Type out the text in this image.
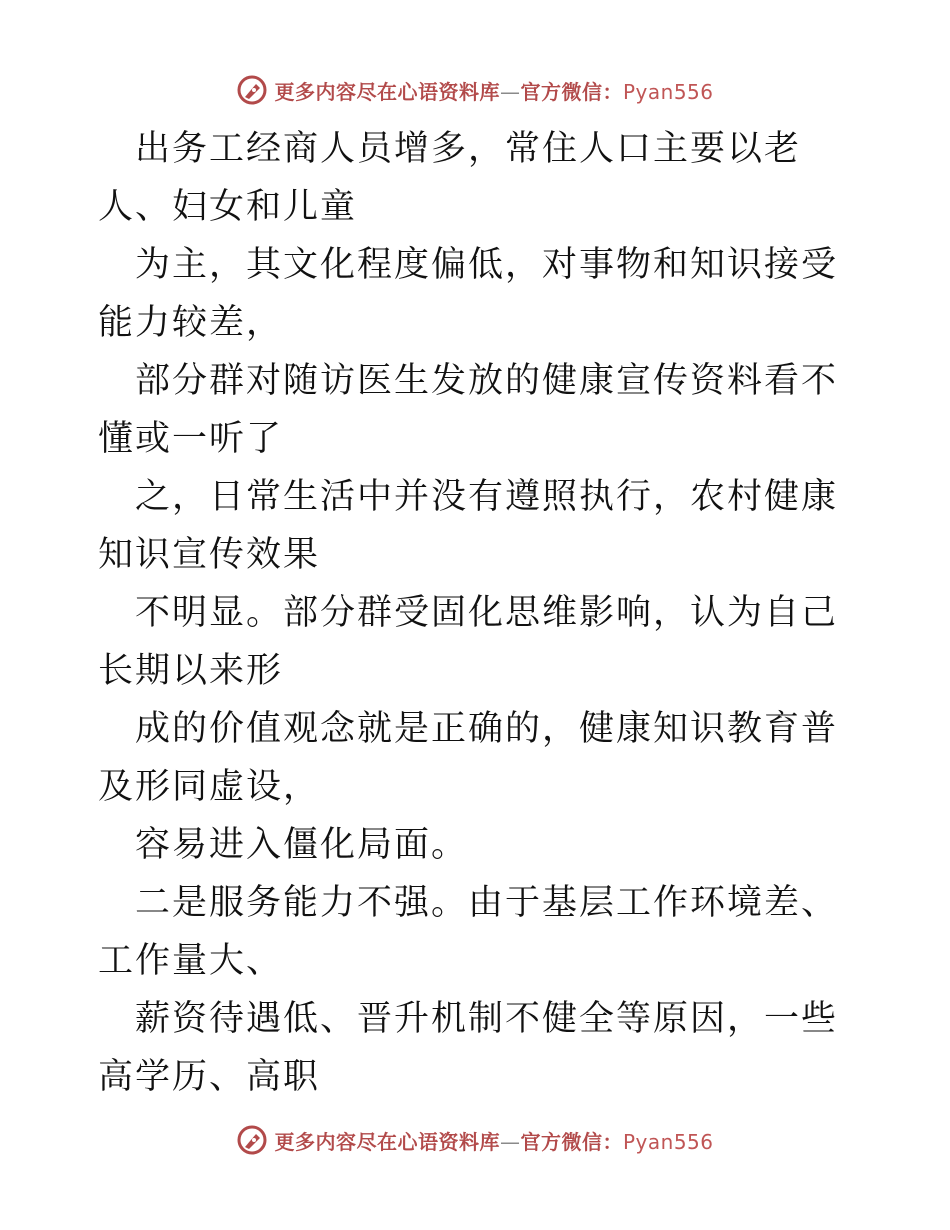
更多内容尽在心语资料库—官方微信：Pyan556

出务工经商人员增多，常住人口主要以老人、妇女和儿童

为主，其文化程度偏低，对事物和知识接受能力较差，

部分群对随访医生发放的健康宣传资料看不懂或一听了

之，日常生活中并没有遵照执行，农村健康知识宣传效果

不明显。部分群受固化思维影响，认为自己长期以来形

成的价值观念就是正确的，健康知识教育普及形同虚设，

容易进入僵化局面。

二是服务能力不强。由于基层工作环境差、工作量大、

薪资待遇低、晋升机制不健全等原因，一些高学历、高职

更多内容尽在心语资料库—官方微信：Pyan556
